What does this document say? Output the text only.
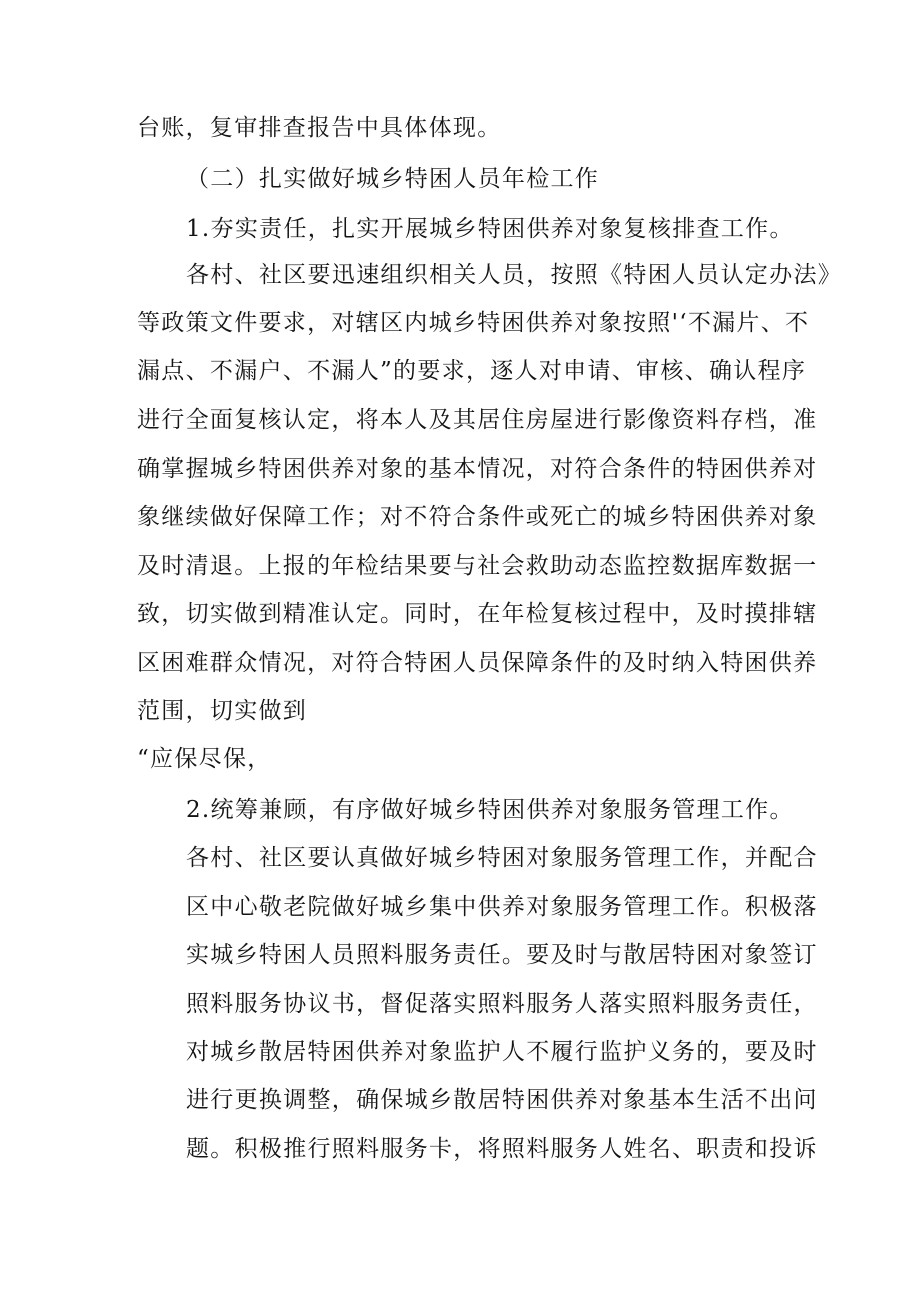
台账，复审排查报告中具体体现。
（二）扎实做好城乡特困人员年检工作
1.夯实责任，扎实开展城乡特困供养对象复核排查工作。
各村、社区要迅速组织相关人员，按照《特困人员认定办法》
等政策文件要求，对辖区内城乡特困供养对象按照'‘不漏片、不
漏点、不漏户、不漏人”的要求，逐人对申请、审核、确认程序
进行全面复核认定，将本人及其居住房屋进行影像资料存档，准
确掌握城乡特困供养对象的基本情况，对符合条件的特困供养对
象继续做好保障工作；对不符合条件或死亡的城乡特困供养对象
及时清退。上报的年检结果要与社会救助动态监控数据库数据一
致，切实做到精准认定。同时，在年检复核过程中，及时摸排辖
区困难群众情况，对符合特困人员保障条件的及时纳入特困供养
范围，切实做到
“应保尽保，
2.统筹兼顾，有序做好城乡特困供养对象服务管理工作。
各村、社区要认真做好城乡特困对象服务管理工作，并配合
区中心敬老院做好城乡集中供养对象服务管理工作。积极落
实城乡特困人员照料服务责任。要及时与散居特困对象签订
照料服务协议书，督促落实照料服务人落实照料服务责任，
对城乡散居特困供养对象监护人不履行监护义务的，要及时
进行更换调整，确保城乡散居特困供养对象基本生活不出问
题。积极推行照料服务卡，将照料服务人姓名、职责和投诉
